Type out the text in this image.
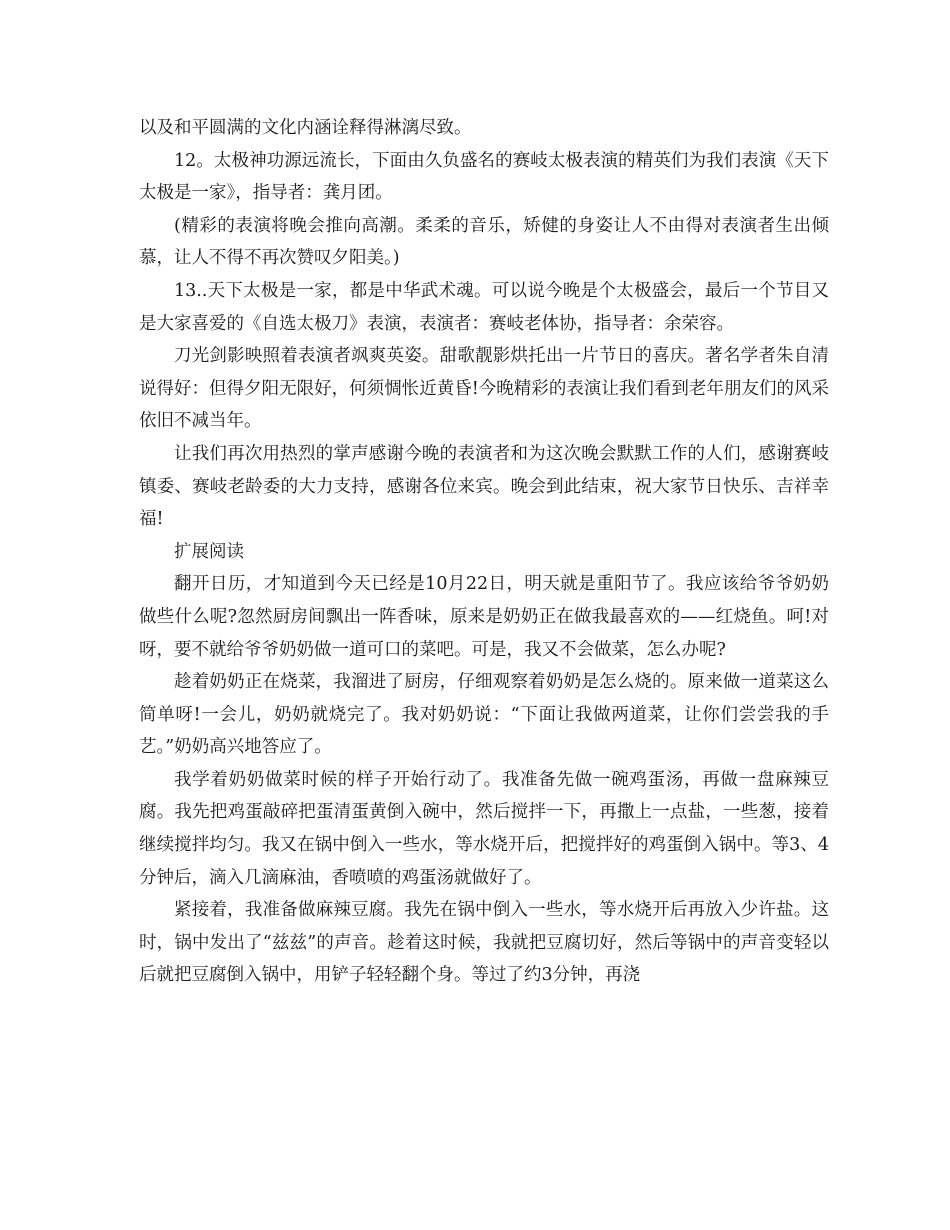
以及和平圆满的文化内涵诠释得淋漓尽致。

12。太极神功源远流长，下面由久负盛名的赛岐太极表演的精英们为我们表演《天下太极是一家》，指导者：龚月团。

(精彩的表演将晚会推向高潮。柔柔的音乐，矫健的身姿让人不由得对表演者生出倾慕，让人不得不再次赞叹夕阳美。)

13..天下太极是一家，都是中华武术魂。可以说今晚是个太极盛会，最后一个节目又是大家喜爱的《自选太极刀》表演，表演者：赛岐老体协，指导者：余荣容。

刀光剑影映照着表演者飒爽英姿。甜歌靓影烘托出一片节日的喜庆。著名学者朱自清说得好：但得夕阳无限好，何须惆怅近黄昏!今晚精彩的表演让我们看到老年朋友们的风采依旧不减当年。

让我们再次用热烈的掌声感谢今晚的表演者和为这次晚会默默工作的人们，感谢赛岐镇委、赛岐老龄委的大力支持，感谢各位来宾。晚会到此结束，祝大家节日快乐、吉祥幸福!

扩展阅读

翻开日历，才知道到今天已经是10月22日，明天就是重阳节了。我应该给爷爷奶奶做些什么呢?忽然厨房间飘出一阵香味，原来是奶奶正在做我最喜欢的——红烧鱼。呵!对呀，要不就给爷爷奶奶做一道可口的菜吧。可是，我又不会做菜，怎么办呢?

趁着奶奶正在烧菜，我溜进了厨房，仔细观察着奶奶是怎么烧的。原来做一道菜这么简单呀!一会儿，奶奶就烧完了。我对奶奶说：“下面让我做两道菜，让你们尝尝我的手艺。”奶奶高兴地答应了。

我学着奶奶做菜时候的样子开始行动了。我准备先做一碗鸡蛋汤，再做一盘麻辣豆腐。我先把鸡蛋敲碎把蛋清蛋黄倒入碗中，然后搅拌一下，再撒上一点盐，一些葱，接着继续搅拌均匀。我又在锅中倒入一些水，等水烧开后，把搅拌好的鸡蛋倒入锅中。等3、4分钟后，滴入几滴麻油，香喷喷的鸡蛋汤就做好了。

紧接着，我准备做麻辣豆腐。我先在锅中倒入一些水，等水烧开后再放入少许盐。这时，锅中发出了“兹兹”的声音。趁着这时候，我就把豆腐切好，然后等锅中的声音变轻以后就把豆腐倒入锅中，用铲子轻轻翻个身。等过了约3分钟，再浇
